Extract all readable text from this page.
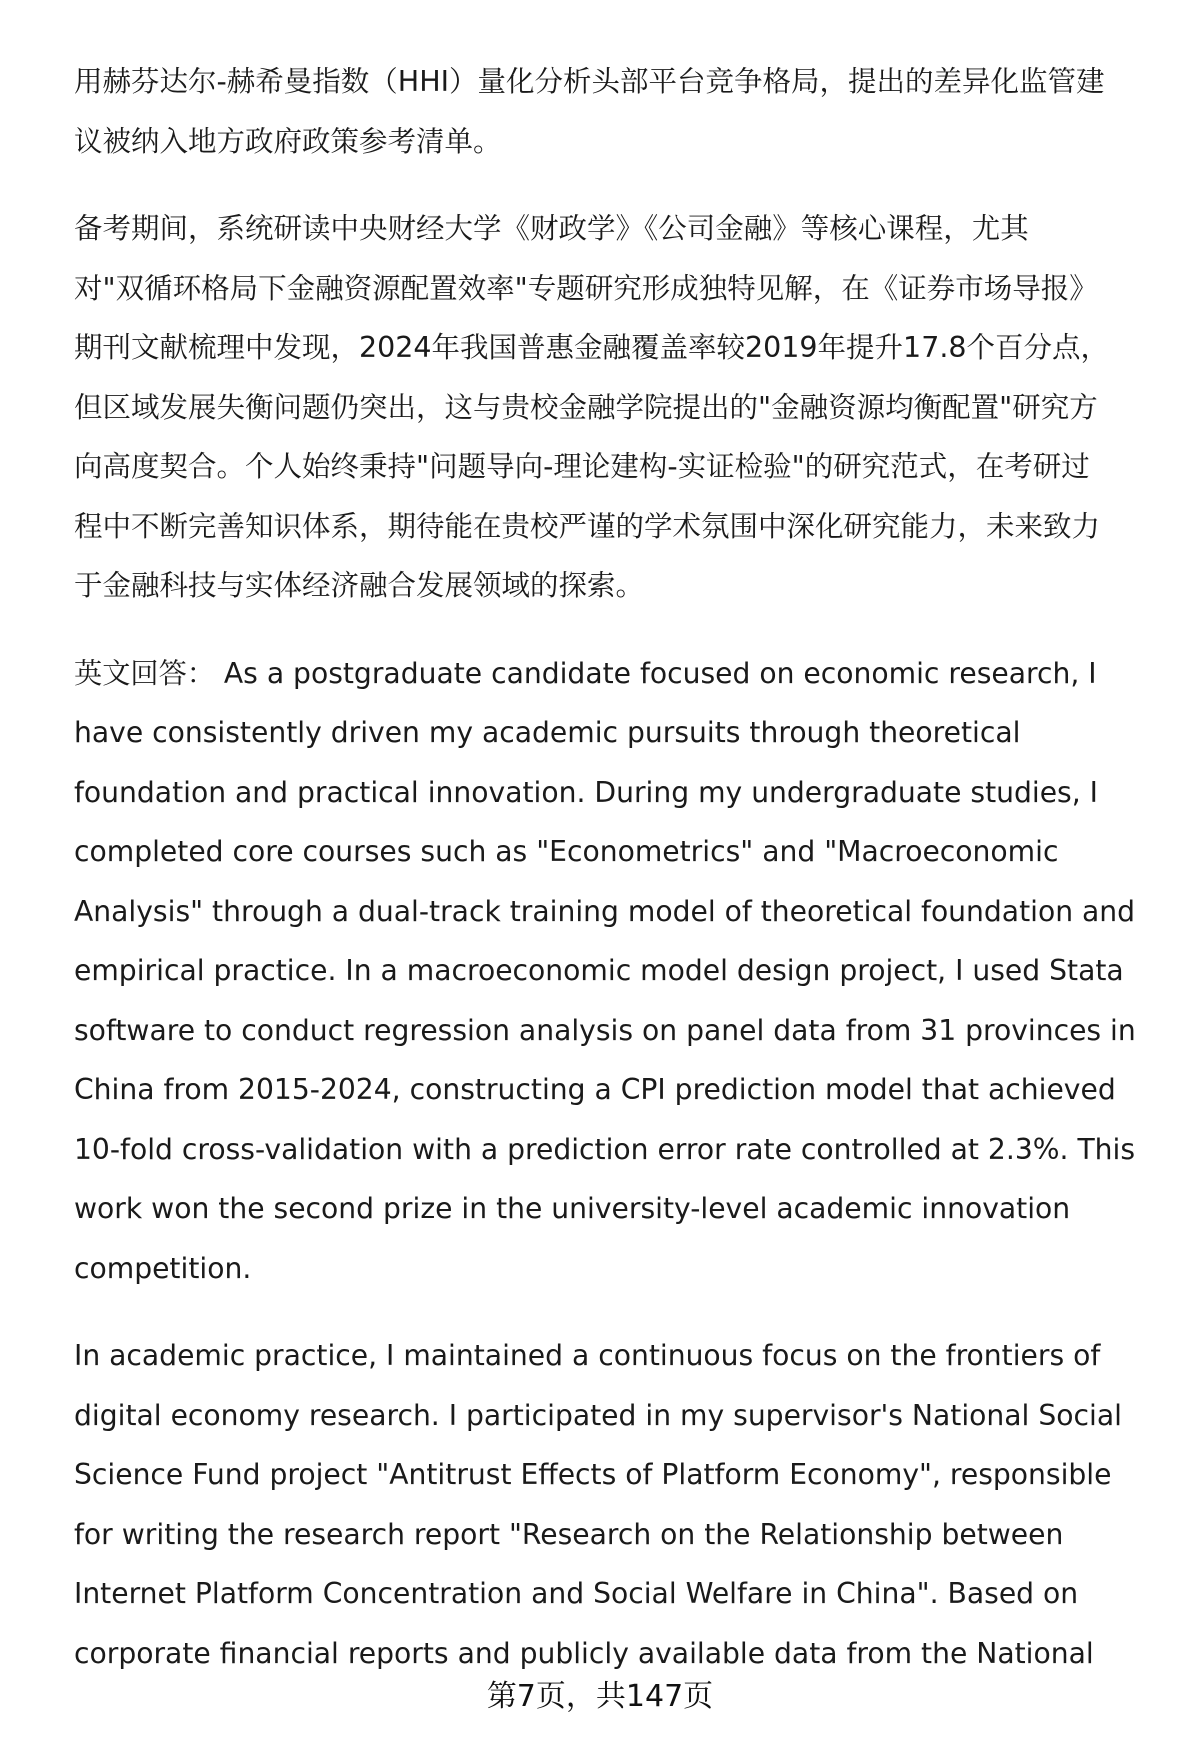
用赫芬达尔-赫希曼指数（HHI）量化分析头部平台竞争格局，提出的差异化监管建
议被纳入地方政府政策参考清单。
备考期间，系统研读中央财经大学《财政学》《公司金融》等核心课程，尤其
对"双循环格局下金融资源配置效率"专题研究形成独特见解，在《证券市场导报》
期刊文献梳理中发现，2024年我国普惠金融覆盖率较2019年提升17.8个百分点，
但区域发展失衡问题仍突出，这与贵校金融学院提出的"金融资源均衡配置"研究方
向高度契合。个人始终秉持"问题导向-理论建构-实证检验"的研究范式，在考研过
程中不断完善知识体系，期待能在贵校严谨的学术氛围中深化研究能力，未来致力
于金融科技与实体经济融合发展领域的探索。
英文回答： As a postgraduate candidate focused on economic research, I
have consistently driven my academic pursuits through theoretical
foundation and practical innovation. During my undergraduate studies, I
completed core courses such as "Econometrics" and "Macroeconomic
Analysis" through a dual-track training model of theoretical foundation and
empirical practice. In a macroeconomic model design project, I used Stata
software to conduct regression analysis on panel data from 31 provinces in
China from 2015-2024, constructing a CPI prediction model that achieved
10-fold cross-validation with a prediction error rate controlled at 2.3%. This
work won the second prize in the university-level academic innovation
competition.
In academic practice, I maintained a continuous focus on the frontiers of
digital economy research. I participated in my supervisor's National Social
Science Fund project "Antitrust Effects of Platform Economy", responsible
for writing the research report "Research on the Relationship between
Internet Platform Concentration and Social Welfare in China". Based on
corporate financial reports and publicly available data from the National
第7页，共147页
